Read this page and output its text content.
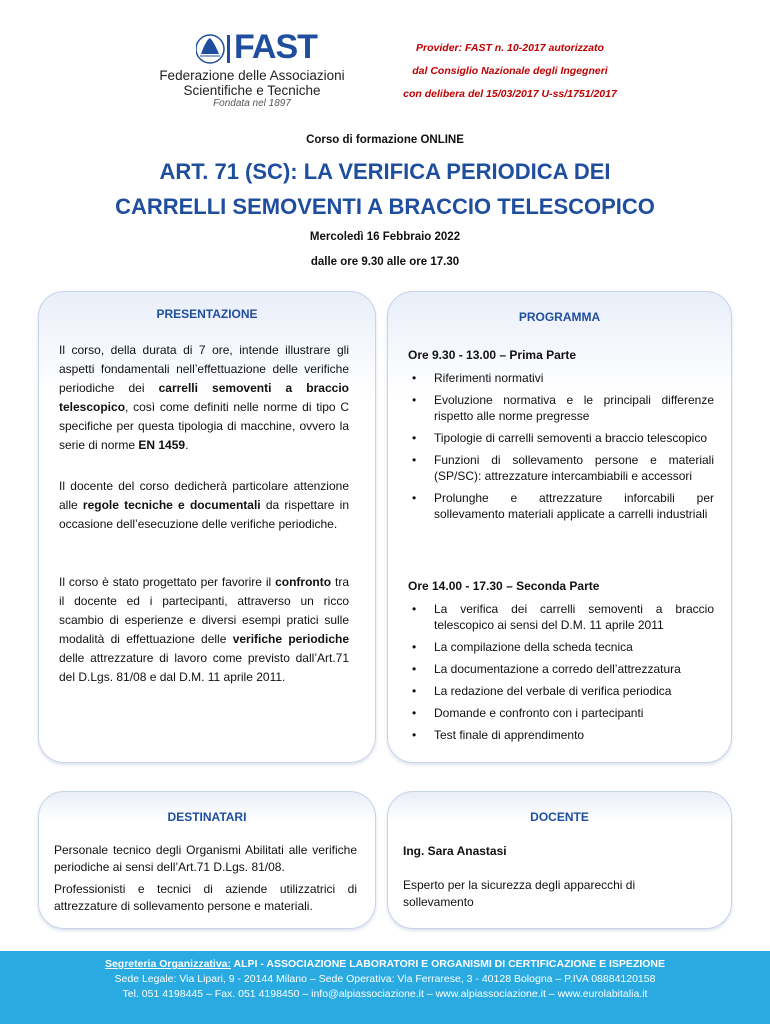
FAST
Federazione delle Associazioni
Scientifiche e Tecniche
Fondata nel 1897
Provider: FAST n. 10-2017 autorizzato
dal Consiglio Nazionale degli Ingegneri
con delibera del 15/03/2017 U-ss/1751/2017
Corso di formazione ONLINE
ART. 71 (SC): LA VERIFICA PERIODICA DEI
CARRELLI SEMOVENTI A BRACCIO TELESCOPICO
Mercoledì 16 Febbraio 2022
dalle ore 9.30 alle ore 17.30
PRESENTAZIONE
Il corso, della durata di 7 ore, intende illustrare gli aspetti fondamentali nell’effettuazione delle verifiche periodiche dei carrelli semoventi a braccio telescopico, così come definiti nelle norme di tipo C specifiche per questa tipologia di macchine, ovvero la serie di norme EN 1459.
Il docente del corso dedicherà particolare attenzione alle regole tecniche e documentali da rispettare in occasione dell’esecuzione delle verifiche periodiche.
Il corso è stato progettato per favorire il confronto tra il docente ed i partecipanti, attraverso un ricco scambio di esperienze e diversi esempi pratici sulle modalità di effettuazione delle verifiche periodiche delle attrezzature di lavoro come previsto dall’Art.71 del D.Lgs. 81/08 e dal D.M. 11 aprile 2011.
PROGRAMMA
Ore 9.30 - 13.00 – Prima Parte
• Riferimenti normativi
• Evoluzione normativa e le principali differenze rispetto alle norme pregresse
• Tipologie di carrelli semoventi a braccio telescopico
• Funzioni di sollevamento persone e materiali (SP/SC): attrezzature intercambiabili e accessori
• Prolunghe e attrezzature inforcabili per sollevamento materiali applicate a carrelli industriali
Ore 14.00 - 17.30 – Seconda Parte
• La verifica dei carrelli semoventi a braccio telescopico ai sensi del D.M. 11 aprile 2011
• La compilazione della scheda tecnica
• La documentazione a corredo dell’attrezzatura
• La redazione del verbale di verifica periodica
• Domande e confronto con i partecipanti
• Test finale di apprendimento
DESTINATARI
Personale tecnico degli Organismi Abilitati alle verifiche periodiche ai sensi dell’Art.71 D.Lgs. 81/08.
Professionisti e tecnici di aziende utilizzatrici di attrezzature di sollevamento persone e materiali.
DOCENTE
Ing. Sara Anastasi
Esperto per la sicurezza degli apparecchi di sollevamento
Segreteria Organizzativa: ALPI - ASSOCIAZIONE LABORATORI E ORGANISMI DI CERTIFICAZIONE E ISPEZIONE
Sede Legale: Via Lipari, 9 - 20144 Milano – Sede Operativa: Via Ferrarese, 3 - 40128 Bologna – P.IVA 08884120158
Tel. 051 4198445 – Fax. 051 4198450 – info@alpiassociazione.it – www.alpiassociazione.it – www.eurolabitalia.it
